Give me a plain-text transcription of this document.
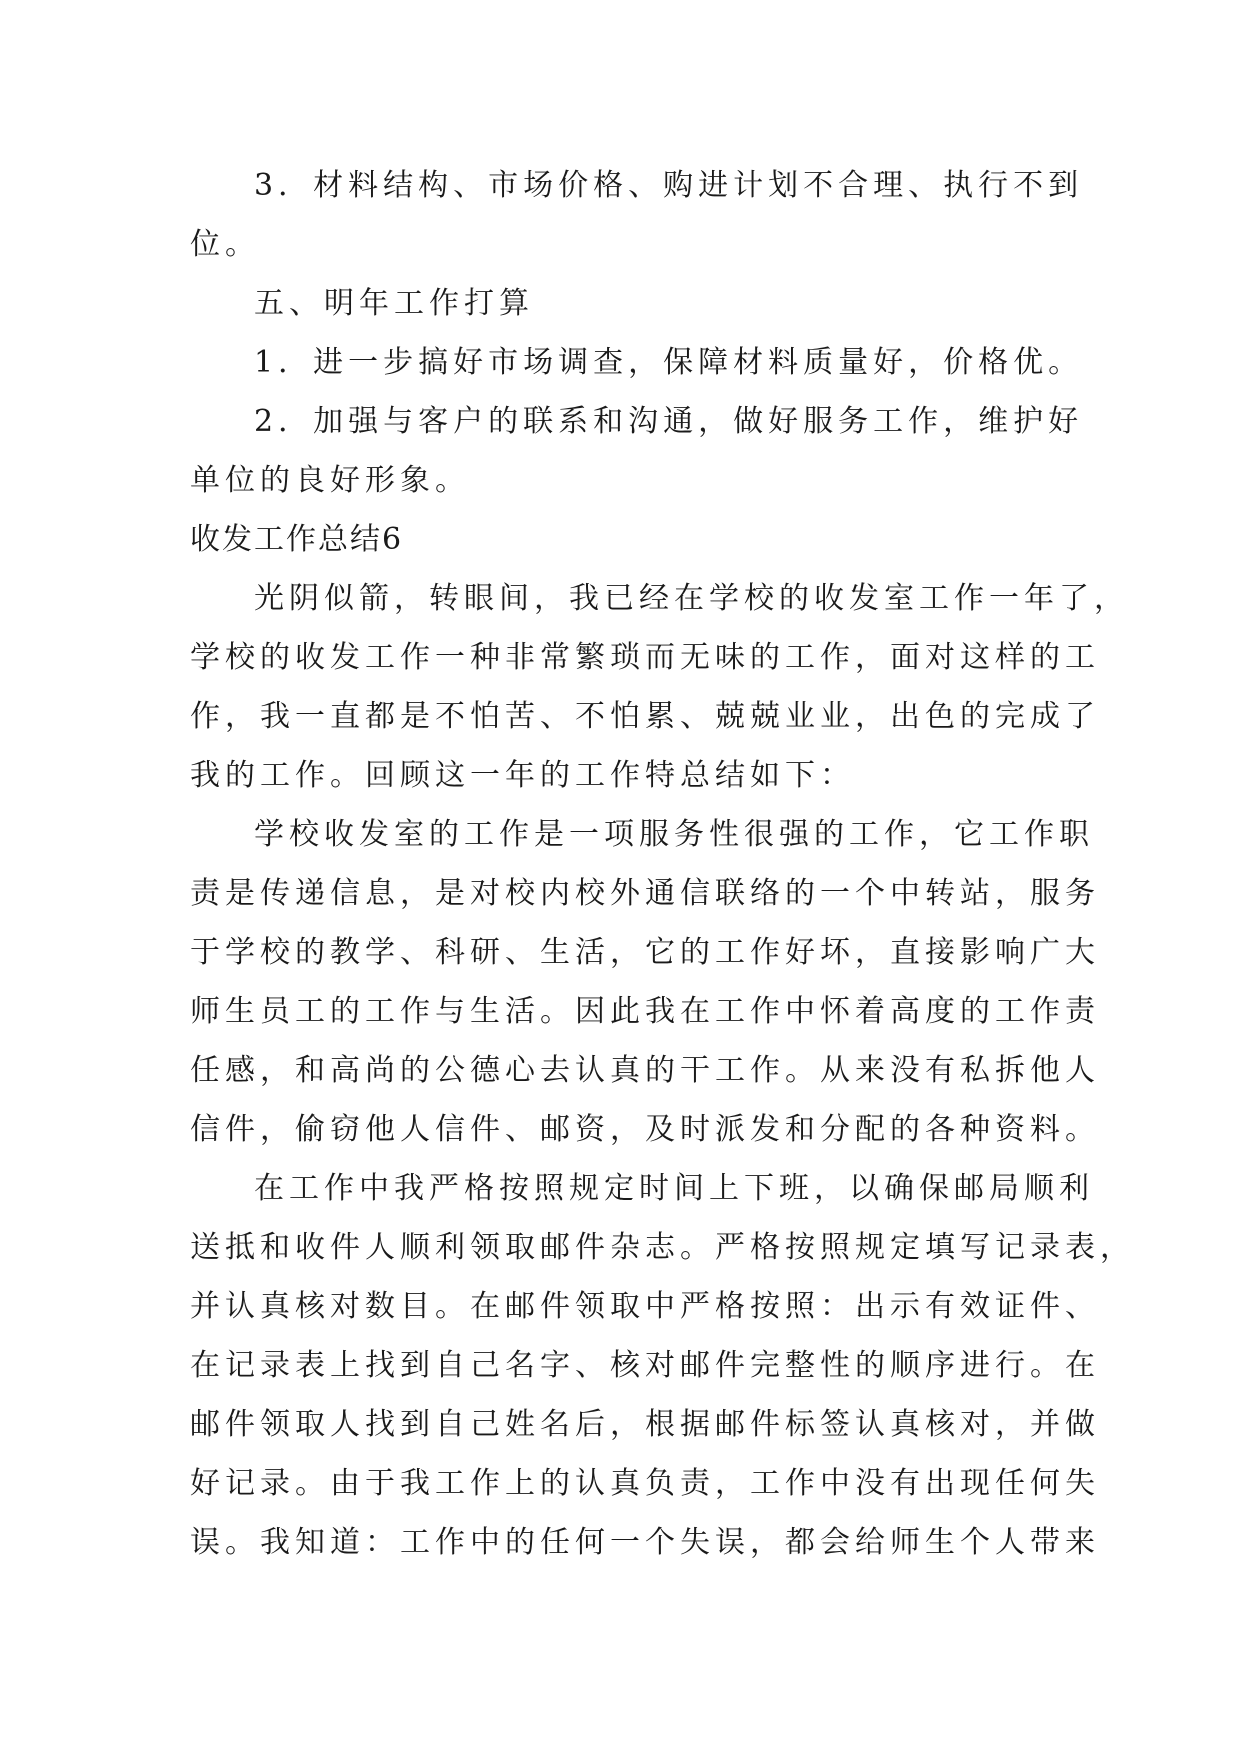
3．材料结构、市场价格、购进计划不合理、执行不到
位。
五、明年工作打算
1．进一步搞好市场调查，保障材料质量好，价格优。
2．加强与客户的联系和沟通，做好服务工作，维护好
单位的良好形象。
收发工作总结6
光阴似箭，转眼间，我已经在学校的收发室工作一年了，
学校的收发工作一种非常繁琐而无味的工作，面对这样的工
作，我一直都是不怕苦、不怕累、兢兢业业，出色的完成了
我的工作。回顾这一年的工作特总结如下：
学校收发室的工作是一项服务性很强的工作，它工作职
责是传递信息，是对校内校外通信联络的一个中转站，服务
于学校的教学、科研、生活，它的工作好坏，直接影响广大
师生员工的工作与生活。因此我在工作中怀着高度的工作责
任感，和高尚的公德心去认真的干工作。从来没有私拆他人
信件，偷窃他人信件、邮资，及时派发和分配的各种资料。
在工作中我严格按照规定时间上下班，以确保邮局顺利
送抵和收件人顺利领取邮件杂志。严格按照规定填写记录表，
并认真核对数目。在邮件领取中严格按照：出示有效证件、
在记录表上找到自己名字、核对邮件完整性的顺序进行。在
邮件领取人找到自己姓名后，根据邮件标签认真核对，并做
好记录。由于我工作上的认真负责，工作中没有出现任何失
误。我知道：工作中的任何一个失误，都会给师生个人带来
